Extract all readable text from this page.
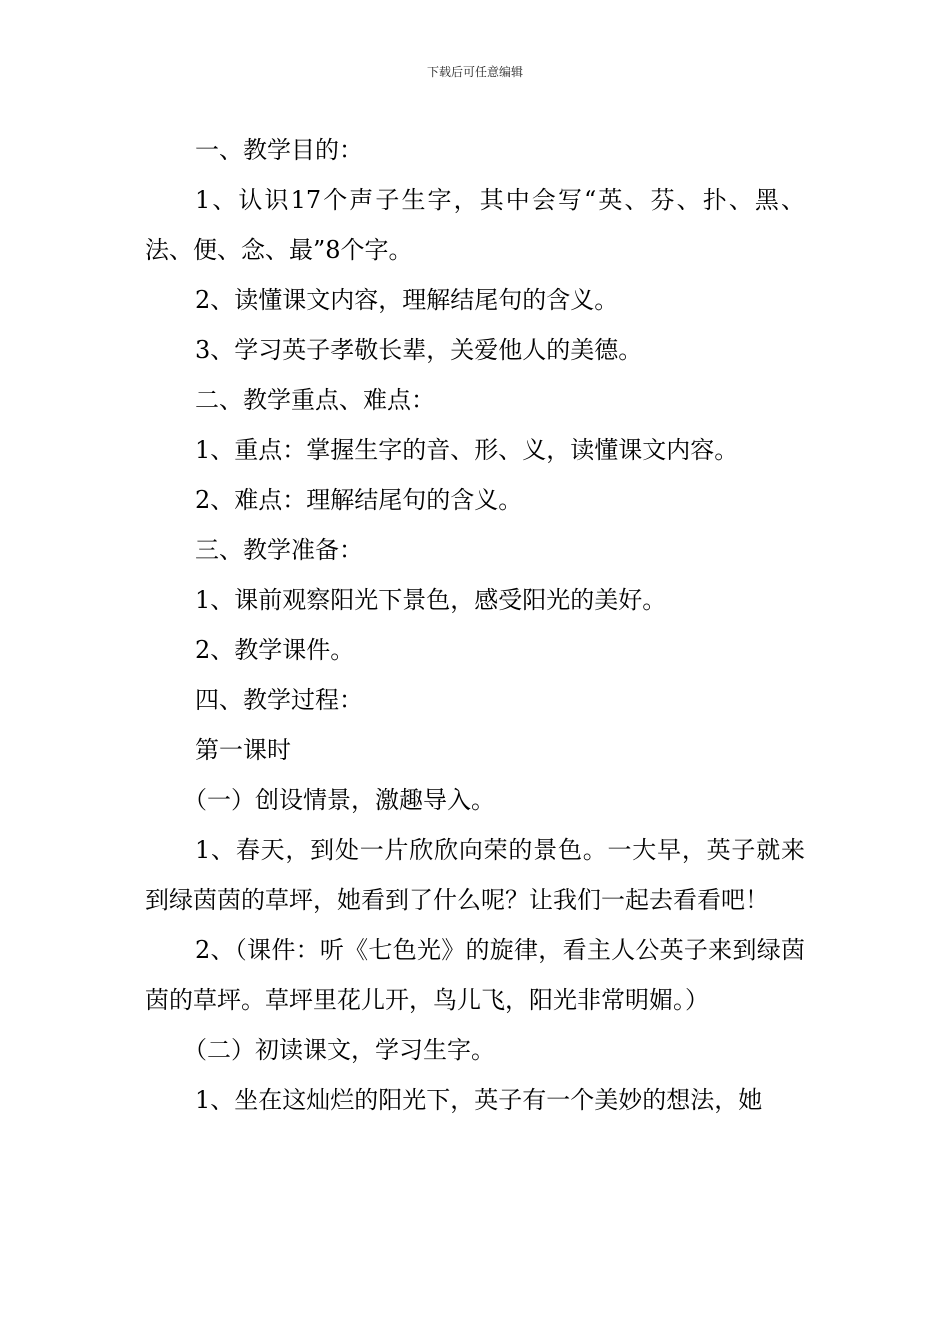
下载后可任意编辑

一、教学目的：

1、认识17个声子生字，其中会写“英、芬、扑、黑、法、便、念、最”8个字。

2、读懂课文内容，理解结尾句的含义。

3、学习英子孝敬长辈，关爱他人的美德。

二、教学重点、难点：

1、重点：掌握生字的音、形、义，读懂课文内容。

2、难点：理解结尾句的含义。

三、教学准备：

1、课前观察阳光下景色，感受阳光的美好。

2、教学课件。

四、教学过程：

第一课时

（一）创设情景，激趣导入。

1、春天，到处一片欣欣向荣的景色。一大早，英子就来到绿茵茵的草坪，她看到了什么呢？让我们一起去看看吧！

2、（课件：听《七色光》的旋律，看主人公英子来到绿茵茵的草坪。草坪里花儿开，鸟儿飞，阳光非常明媚。）

（二）初读课文，学习生字。

1、坐在这灿烂的阳光下，英子有一个美妙的想法，她
